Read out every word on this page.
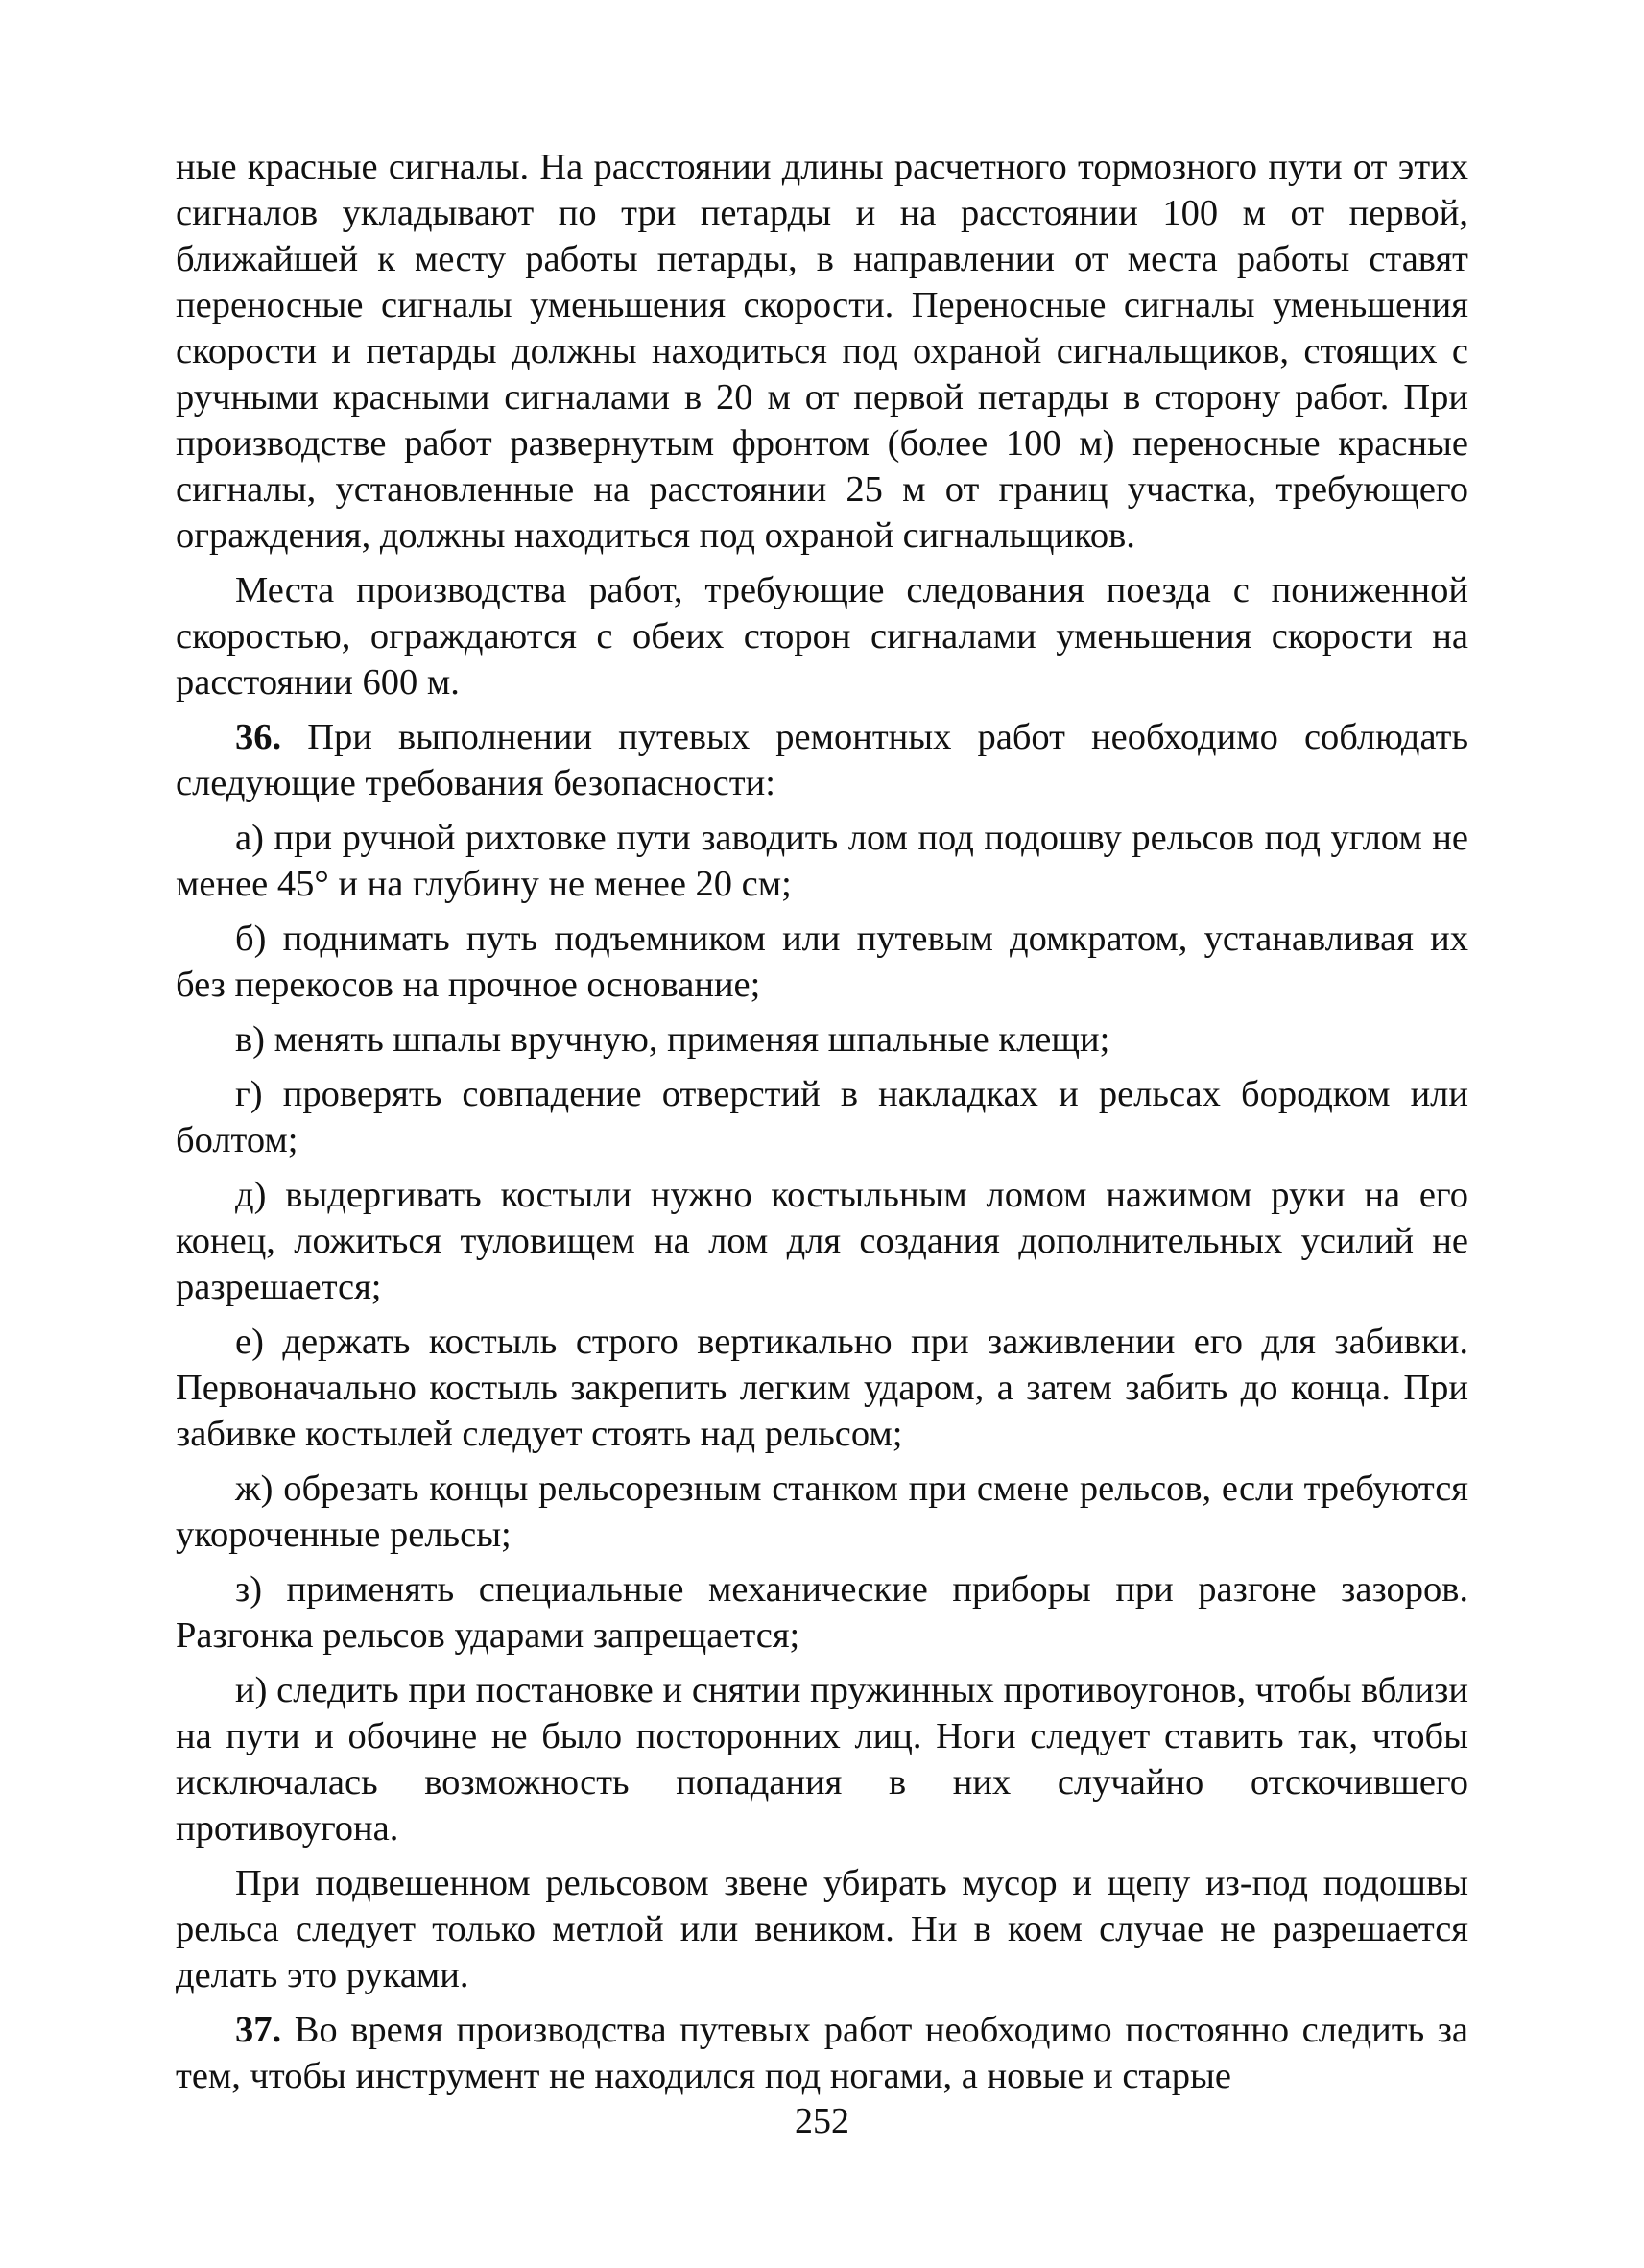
ные красные сигналы. На расстоянии длины расчетного тормозного пути от этих сигналов укладывают по три петарды и на расстоянии 100 м от первой, ближайшей к месту работы петарды, в направлении от места работы ставят переносные сигналы уменьшения скорости. Переносные сигналы уменьшения скорости и петарды должны находиться под охраной сигнальщиков, стоящих с ручными красными сигналами в 20 м от первой петарды в сторону работ. При производстве работ развернутым фронтом (более 100 м) переносные красные сигналы, установленные на расстоянии 25 м от границ участка, требующего ограждения, должны находиться под охраной сигнальщиков.

Места производства работ, требующие следования поезда с пониженной скоростью, ограждаются с обеих сторон сигналами уменьшения скорости на расстоянии 600 м.

36. При выполнении путевых ремонтных работ необходимо соблюдать следующие требования безопасности:

а) при ручной рихтовке пути заводить лом под подошву рельсов под углом не менее 45° и на глубину не менее 20 см;

б) поднимать путь подъемником или путевым домкратом, устанавливая их без перекосов на прочное основание;

в) менять шпалы вручную, применяя шпальные клещи;

г) проверять совпадение отверстий в накладках и рельсах бородком или болтом;

д) выдергивать костыли нужно костыльным ломом нажимом руки на его конец, ложиться туловищем на лом для создания дополнительных усилий не разрешается;

е) держать костыль строго вертикально при заживлении его для забивки. Первоначально костыль закрепить легким ударом, а затем забить до конца. При забивке костылей следует стоять над рельсом;

ж) обрезать концы рельсорезным станком при смене рельсов, если требуются укороченные рельсы;

з) применять специальные механические приборы при разгоне зазоров. Разгонка рельсов ударами запрещается;

и) следить при постановке и снятии пружинных противоугонов, чтобы вблизи на пути и обочине не было посторонних лиц. Ноги следует ставить так, чтобы исключалась возможность попадания в них случайно отскочившего противоугона.

При подвешенном рельсовом звене убирать мусор и щепу из-под подошвы рельса следует только метлой или веником. Ни в коем случае не разрешается делать это руками.

37. Во время производства путевых работ необходимо постоянно следить за тем, чтобы инструмент не находился под ногами, а новые и старые

252
